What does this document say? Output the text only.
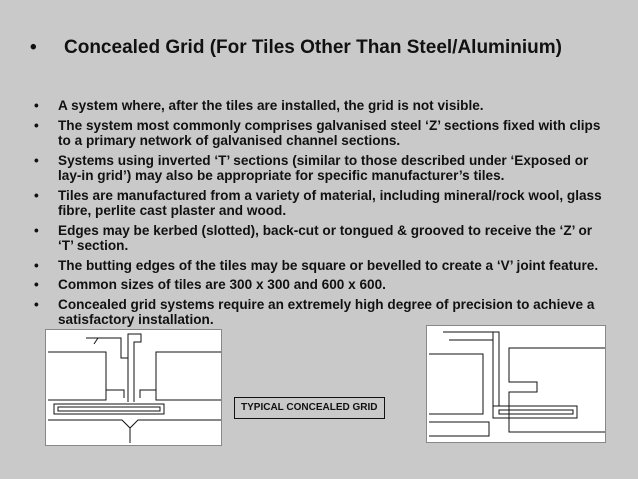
• Concealed Grid (For Tiles Other Than Steel/Aluminium)
• A system where, after the tiles are installed, the grid is not visible.
• The system most commonly comprises galvanised steel ‘Z’ sections fixed with clips to a primary network of galvanised channel sections.
• Systems using inverted ‘T’ sections (similar to those described under ‘Exposed or lay-in grid’) may also be appropriate for specific manufacturer’s tiles.
• Tiles are manufactured from a variety of material, including mineral/rock wool, glass fibre, perlite cast plaster and wood.
• Edges may be kerbed (slotted), back-cut or tongued & grooved to receive the ‘Z’ or ‘T’ section.
• The butting edges of the tiles may be square or bevelled to create a ‘V’ joint feature.
• Common sizes of tiles are 300 x 300 and 600 x 600.
• Concealed grid systems require an extremely high degree of precision to achieve a satisfactory installation.
TYPICAL CONCEALED GRID
